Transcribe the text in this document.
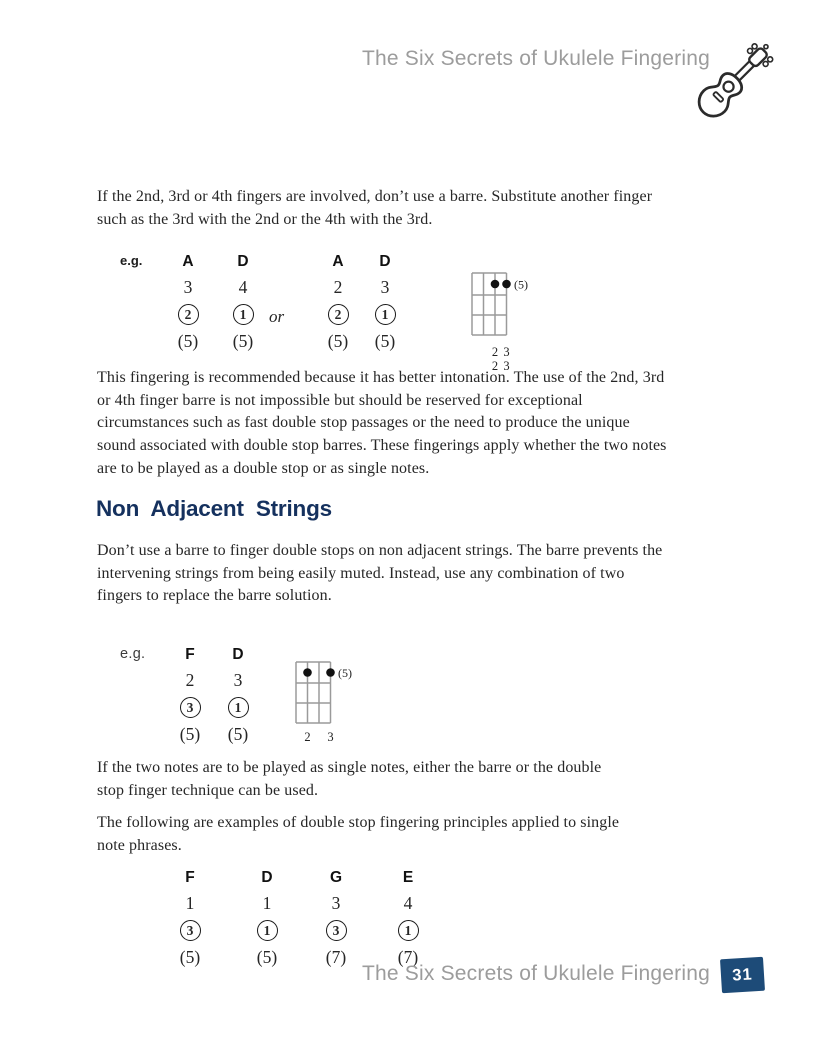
The Six Secrets of Ukulele Fingering
If the 2nd, 3rd or 4th fingers are involved, don’t use a barre. Substitute another finger
such as the 3rd with the 2nd or the 4th with the 3rd.
e.g.	A
3
2
(5)
D
4
1
(5)
or
A
2
2
(5)
D
3
1
(5)
(5)
2 3
2 3
This fingering is recommended because it has better intonation. The use of the 2nd, 3rd
or 4th finger barre is not impossible but should be reserved for exceptional
circumstances such as fast double stop passages or the need to produce the unique
sound associated with double stop barres. These fingerings apply whether the two notes
are to be played as a double stop or as single notes.
Non Adjacent Strings
Don’t use a barre to finger double stops on non adjacent strings. The barre prevents the
intervening strings from being easily muted. Instead, use any combination of two
fingers to replace the barre solution.
e.g.	F
2
3
(5)
D
3
1
(5)
(5)
2 3
If the two notes are to be played as single notes, either the barre or the double
stop finger technique can be used.
The following are examples of double stop fingering principles applied to single
note phrases.
F
1
3
(5)
D
1
1
(5)
G
3
3
(7)
E
4
1
(7)
The Six Secrets of Ukulele Fingering 31
